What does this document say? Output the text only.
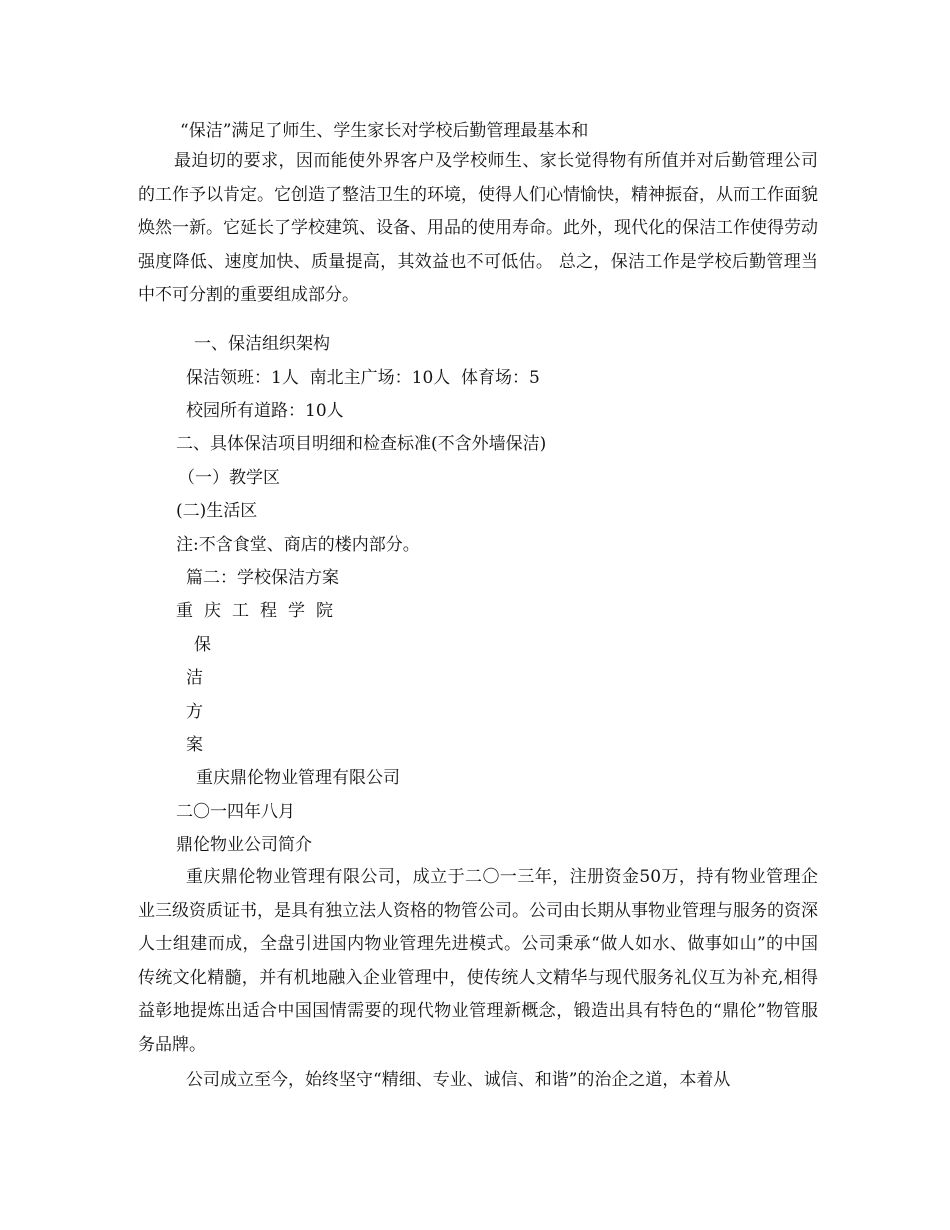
“保洁”满足了师生、学生家长对学校后勤管理最基本和
最迫切的要求，因而能使外界客户及学校师生、家长觉得物有所值并对后勤管理公司的工作予以肯定。它创造了整洁卫生的环境，使得人们心情愉快，精神振奋，从而工作面貌焕然一新。它延长了学校建筑、设备、用品的使用寿命。此外，现代化的保洁工作使得劳动强度降低、速度加快、质量提高，其效益也不可低估。 总之，保洁工作是学校后勤管理当中不可分割的重要组成部分。
一、保洁组织架构
保洁领班：1人  南北主广场：10人  体育场：5
校园所有道路：10人
二、具体保洁项目明细和检查标准(不含外墙保洁)
（一）教学区
(二)生活区
注:不含食堂、商店的楼内部分。
篇二：学校保洁方案
重庆工程学院
保
洁
方
案
重庆鼎伦物业管理有限公司
二〇一四年八月
鼎伦物业公司简介
重庆鼎伦物业管理有限公司，成立于二〇一三年，注册资金50万，持有物业管理企业三级资质证书，是具有独立法人资格的物管公司。公司由长期从事物业管理与服务的资深人士组建而成，全盘引进国内物业管理先进模式。公司秉承“做人如水、做事如山”的中国传统文化精髓，并有机地融入企业管理中，使传统人文精华与现代服务礼仪互为补充,相得益彰地提炼出适合中国国情需要的现代物业管理新概念，锻造出具有特色的“鼎伦”物管服务品牌。
公司成立至今，始终坚守“精细、专业、诚信、和谐”的治企之道，本着从
